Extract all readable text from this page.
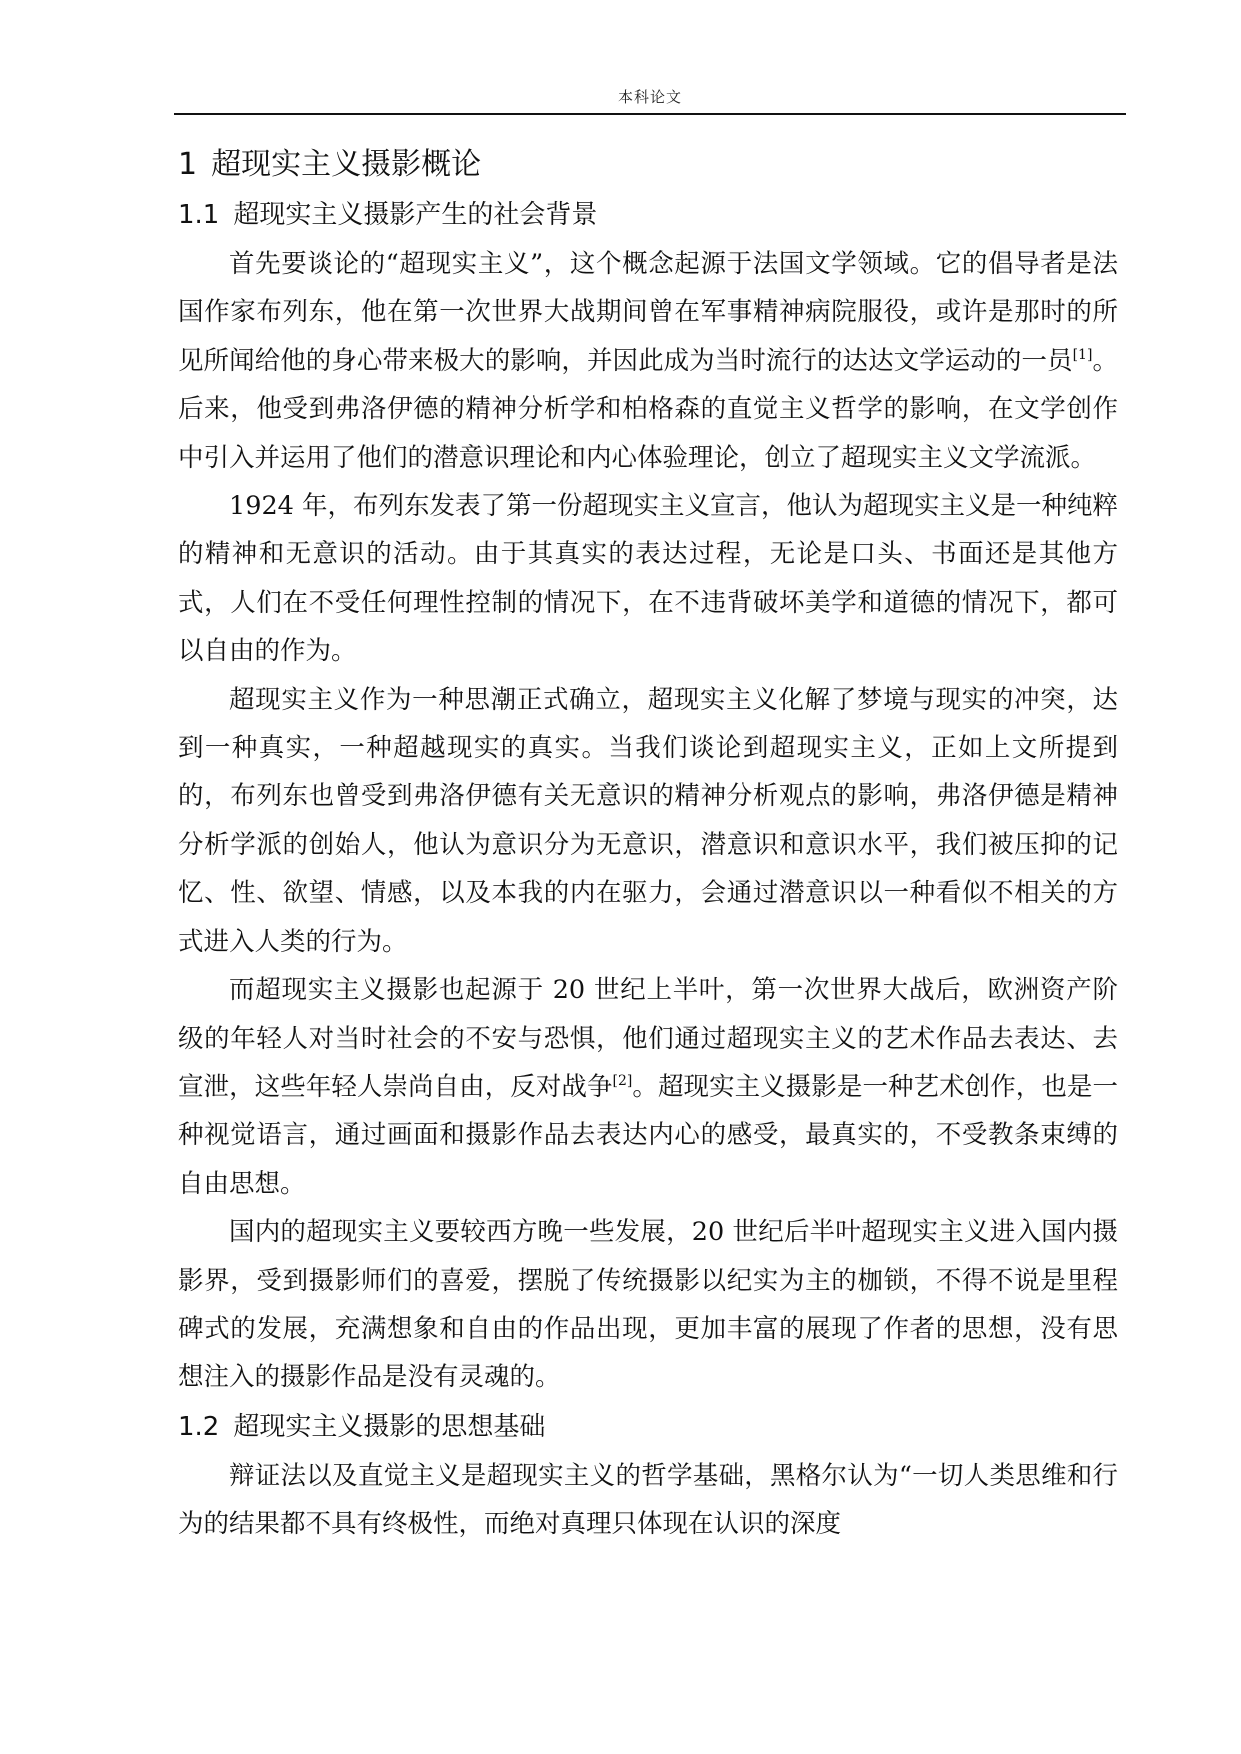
本科论文
1 超现实主义摄影概论
1.1 超现实主义摄影产生的社会背景

首先要谈论的“超现实主义”，这个概念起源于法国文学领域。它的倡导者是法国作家布列东，他在第一次世界大战期间曾在军事精神病院服役，或许是那时的所见所闻给他的身心带来极大的影响，并因此成为当时流行的达达文学运动的一员[1]。后来，他受到弗洛伊德的精神分析学和柏格森的直觉主义哲学的影响，在文学创作中引入并运用了他们的潜意识理论和内心体验理论，创立了超现实主义文学流派。

1924 年，布列东发表了第一份超现实主义宣言，他认为超现实主义是一种纯粹的精神和无意识的活动。由于其真实的表达过程，无论是口头、书面还是其他方式，人们在不受任何理性控制的情况下，在不违背破坏美学和道德的情况下，都可以自由的作为。

超现实主义作为一种思潮正式确立，超现实主义化解了梦境与现实的冲突，达到一种真实，一种超越现实的真实。当我们谈论到超现实主义，正如上文所提到的，布列东也曾受到弗洛伊德有关无意识的精神分析观点的影响，弗洛伊德是精神分析学派的创始人，他认为意识分为无意识，潜意识和意识水平，我们被压抑的记忆、性、欲望、情感，以及本我的内在驱力，会通过潜意识以一种看似不相关的方式进入人类的行为。

而超现实主义摄影也起源于 20 世纪上半叶，第一次世界大战后，欧洲资产阶级的年轻人对当时社会的不安与恐惧，他们通过超现实主义的艺术作品去表达、去宣泄，这些年轻人崇尚自由，反对战争[2]。超现实主义摄影是一种艺术创作，也是一种视觉语言，通过画面和摄影作品去表达内心的感受，最真实的，不受教条束缚的自由思想。

国内的超现实主义要较西方晚一些发展，20 世纪后半叶超现实主义进入国内摄影界，受到摄影师们的喜爱，摆脱了传统摄影以纪实为主的枷锁，不得不说是里程碑式的发展，充满想象和自由的作品出现，更加丰富的展现了作者的思想，没有思想注入的摄影作品是没有灵魂的。

1.2 超现实主义摄影的思想基础

辩证法以及直觉主义是超现实主义的哲学基础，黑格尔认为“一切人类思维和行为的结果都不具有终极性，而绝对真理只体现在认识的深度
